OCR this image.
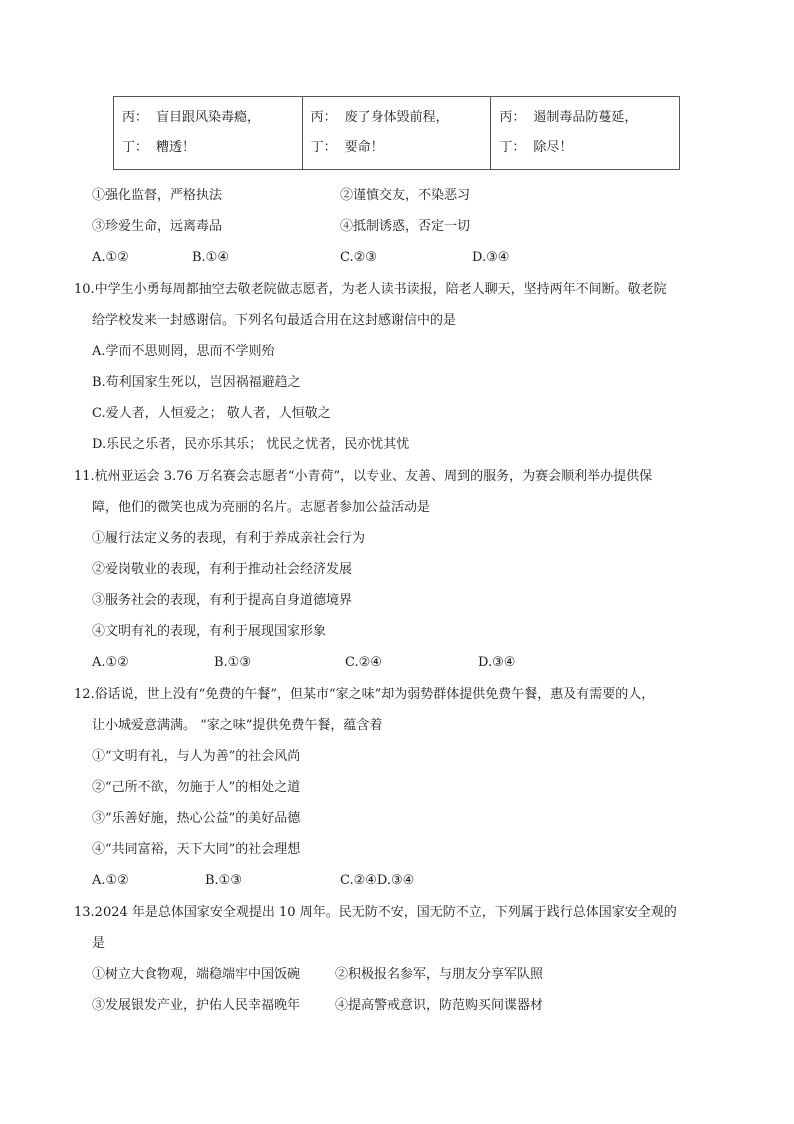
丙： 盲目跟风染毒瘾，
丁： 糟透！

丙： 废了身体毁前程，
丁： 要命！

丙： 遏制毒品防蔓延，
丁： 除尽！
①强化监督，严格执法	②谨慎交友，不染恶习
③珍爱生命，远离毒品	④抵制诱惑，否定一切
A.①②	B.①④	C.②③	D.③④
10.中学生小勇每周都抽空去敬老院做志愿者，为老人读书读报，陪老人聊天，坚持两年不间断。敬老院
给学校发来一封感谢信。下列名句最适合用在这封感谢信中的是
A.学而不思则罔，思而不学则殆
B.苟利国家生死以，岂因祸福避趋之
C.爱人者，人恒爱之； 敬人者，人恒敬之
D.乐民之乐者，民亦乐其乐； 忧民之忧者，民亦忧其忧
11.杭州亚运会 3.76 万名赛会志愿者“小青荷”，以专业、友善、周到的服务，为赛会顺利举办提供保
障，他们的微笑也成为亮丽的名片。志愿者参加公益活动是
①履行法定义务的表现，有利于养成亲社会行为
②爱岗敬业的表现，有利于推动社会经济发展
③服务社会的表现，有利于提高自身道德境界
④文明有礼的表现，有利于展现国家形象
A.①②	B.①③	C.②④	D.③④
12.俗话说，世上没有“免费的午餐”，但某市“家之味”却为弱势群体提供免费午餐，惠及有需要的人，
让小城爱意满满。 “家之味”提供免费午餐，蕴含着
①“文明有礼，与人为善”的社会风尚
②“己所不欲，勿施于人”的相处之道
③“乐善好施，热心公益”的美好品德
④“共同富裕，天下大同”的社会理想
A.①②	B.①③	C.②④D.③④
13.2024 年是总体国家安全观提出 10 周年。民无防不安，国无防不立，下列属于践行总体国家安全观的
是
①树立大食物观，端稳端牢中国饭碗	②积极报名参军，与朋友分享军队照
③发展银发产业，护佑人民幸福晚年	④提高警戒意识，防范购买间谍器材
